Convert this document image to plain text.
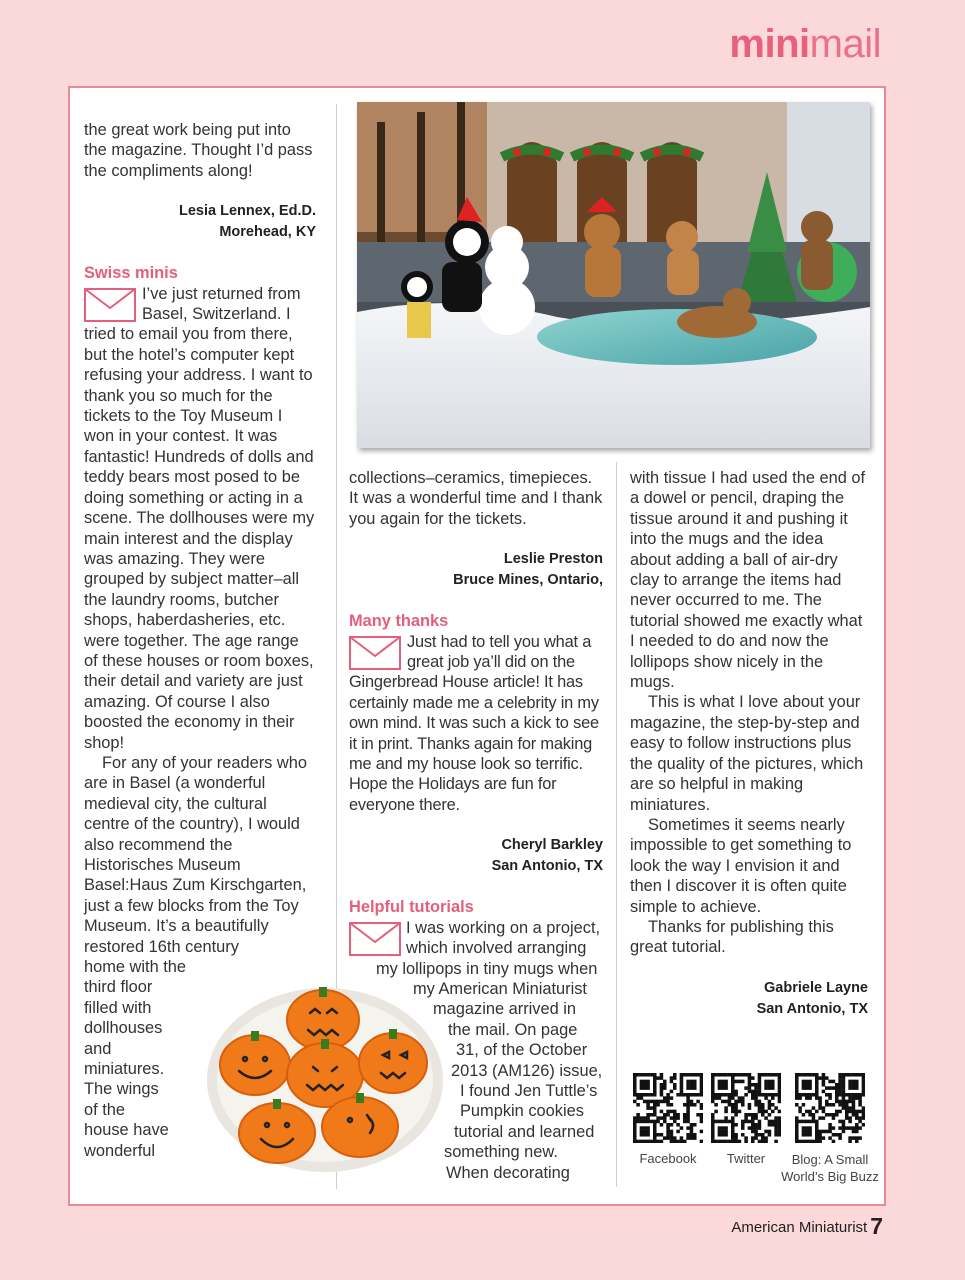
minimail

the great work being put into the magazine. Thought I’d pass the compliments along!

Lesia Lennex, Ed.D.
Morehead, KY
Swiss minis

I’ve just returned from Basel, Switzerland. I tried to email you from there, but the hotel’s computer kept refusing your address. I want to thank you so much for the tickets to the Toy Museum I won in your contest. It was fantastic! Hundreds of dolls and teddy bears most posed to be doing something or acting in a scene. The dollhouses were my main interest and the display was amazing. They were grouped by subject matter–all the laundry rooms, butcher shops, haberdasheries, etc. were together. The age range of these houses or room boxes, their detail and variety are just amazing. Of course I also boosted the economy in their shop!

For any of your readers who are in Basel (a wonderful medieval city, the cultural centre of the country), I would also recommend the Historisches Museum Basel:Haus Zum Kirschgarten, just a few blocks from the Toy Museum. It’s a beautifully restored 16th century

home with the
third floor
filled with
dollhouses
and
miniatures.
The wings
of the
house have
wonderful

collections–ceramics, timepieces. It was a wonderful time and I thank you again for the tickets.

Leslie Preston
Bruce Mines, Ontario,
Many thanks

Just had to tell you what a great job ya’ll did on the Gingerbread House article! It has certainly made me a celebrity in my own mind. It was such a kick to see it in print. Thanks again for making me and my house look so terrific. Hope the Holidays are fun for everyone there.

Cheryl Barkley
San Antonio, TX
Helpful tutorials
I was working on a project,
which involved arranging
my lollipops in tiny mugs when
my American Miniaturist
magazine arrived in
the mail. On page
31, of the October
2013 (AM126) issue,
I found Jen Tuttle’s
Pumpkin cookies
tutorial and learned
something new.
When decorating

with tissue I had used the end of a dowel or pencil, draping the tissue around it and pushing it into the mugs and the idea about adding a ball of air-dry clay to arrange the items had never occurred to me. The tutorial showed me exactly what I needed to do and now the lollipops show nicely in the mugs.

This is what I love about your magazine, the step-by-step and easy to follow instructions plus the quality of the pictures, which are so helpful in making miniatures.

Sometimes it seems nearly impossible to get something to look the way I envision it and then I discover it is often quite simple to achieve.

Thanks for publishing this great tutorial.

Gabriele Layne
San Antonio, TX
Facebook	Twitter	Blog: A Small World’s Big Buzz
American Miniaturist 7
